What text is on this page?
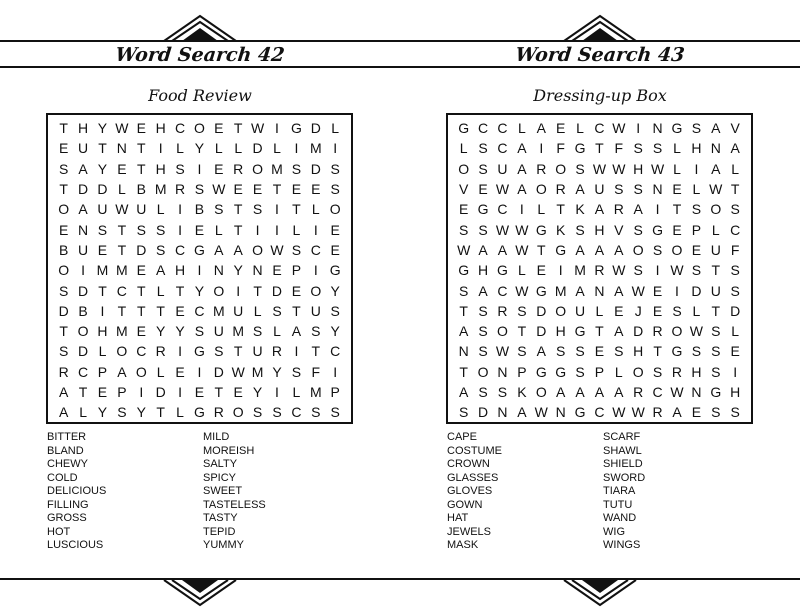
Word Search 42	Word Search 43
Food Review	Dressing-up Box
T H Y W E H C O E T W I G D L
E U T N T I L Y L L D L I M I
S A Y E T H S I E R O M S D S
T D D L B M R S W E E T E E S
O A U W U L I B S T S I T L O
E N S T S S I E L T I	I L I E
B U E T D S C G A A O W S C E
O I M M E A H I N Y N E P I G
S D T C T L T Y O I T D E O Y
D B I T T T E C M U L S T U S
T O H M E Y Y S U M S L A S Y
S D L O C R I G S T U R I T C
R C P A O L E I D W M Y S F I
A T E P I D I E T E Y I L M P
A L Y S Y T L G R O S S C S S
G C C L A E L C W I N G S A V
L S C A I F G T F S S L H N A
O S U A R O S W W H W L I A L
V E W A O R A U S S N E L W T
E G C I L T K A R A I T S O S
S S W W G K S H V S G E P L C
W A A W T G A A A O S O E U F
G H G L E I M R W S I W S T S
S A C W G M A N A W E I D U S
T S R S D O U L E J E S L T D
A S O T D H G T A D R O W S L
N S W S A S S E S H T G S S E
T O N P G G S P L O S R H S I
A S S K O A A A A R C W N G H
S D N A W N G C W W R A E S S
BITTER
BLAND
CHEWY
COLD
DELICIOUS
FILLING
GROSS
HOT
LUSCIOUS
MILD
MOREISH
SALTY
SPICY
SWEET
TASTELESS
TASTY
TEPID
YUMMY
CAPE
COSTUME
CROWN
GLASSES
GLOVES
GOWN
HAT
JEWELS
MASK
SCARF
SHAWL
SHIELD
SWORD
TIARA
TUTU
WAND
WIG
WINGS
